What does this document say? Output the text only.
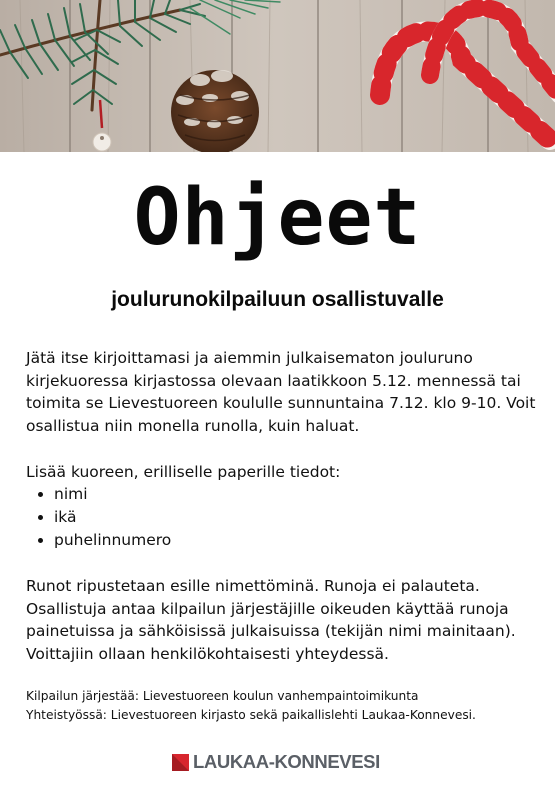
Ohjeet
joulurunokilpailuun osallistuvalle
Jätä itse kirjoittamasi ja aiemmin julkaisematon jouluruno kirjekuoressa kirjastossa olevaan laatikkoon 5.12. mennessä tai toimita se Lievestuoreen koululle sunnuntaina 7.12. klo 9-10. Voit osallistua niin monella runolla, kuin haluat.
Lisää kuoreen, erilliselle paperille tiedot:
• nimi
• ikä
• puhelinnumero
Runot ripustetaan esille nimettöminä. Runoja ei palauteta. Osallistuja antaa kilpailun järjestäjille oikeuden käyttää runoja painetuissa ja sähköisissä julkaisuissa (tekijän nimi mainitaan). Voittajiin ollaan henkilökohtaisesti yhteydessä.
Kilpailun järjestää: Lievestuoreen koulun vanhempaintoimikunta
Yhteistyössä: Lievestuoreen kirjasto sekä paikallislehti Laukaa-Konnevesi.
LAUKAA-KONNEVESI
